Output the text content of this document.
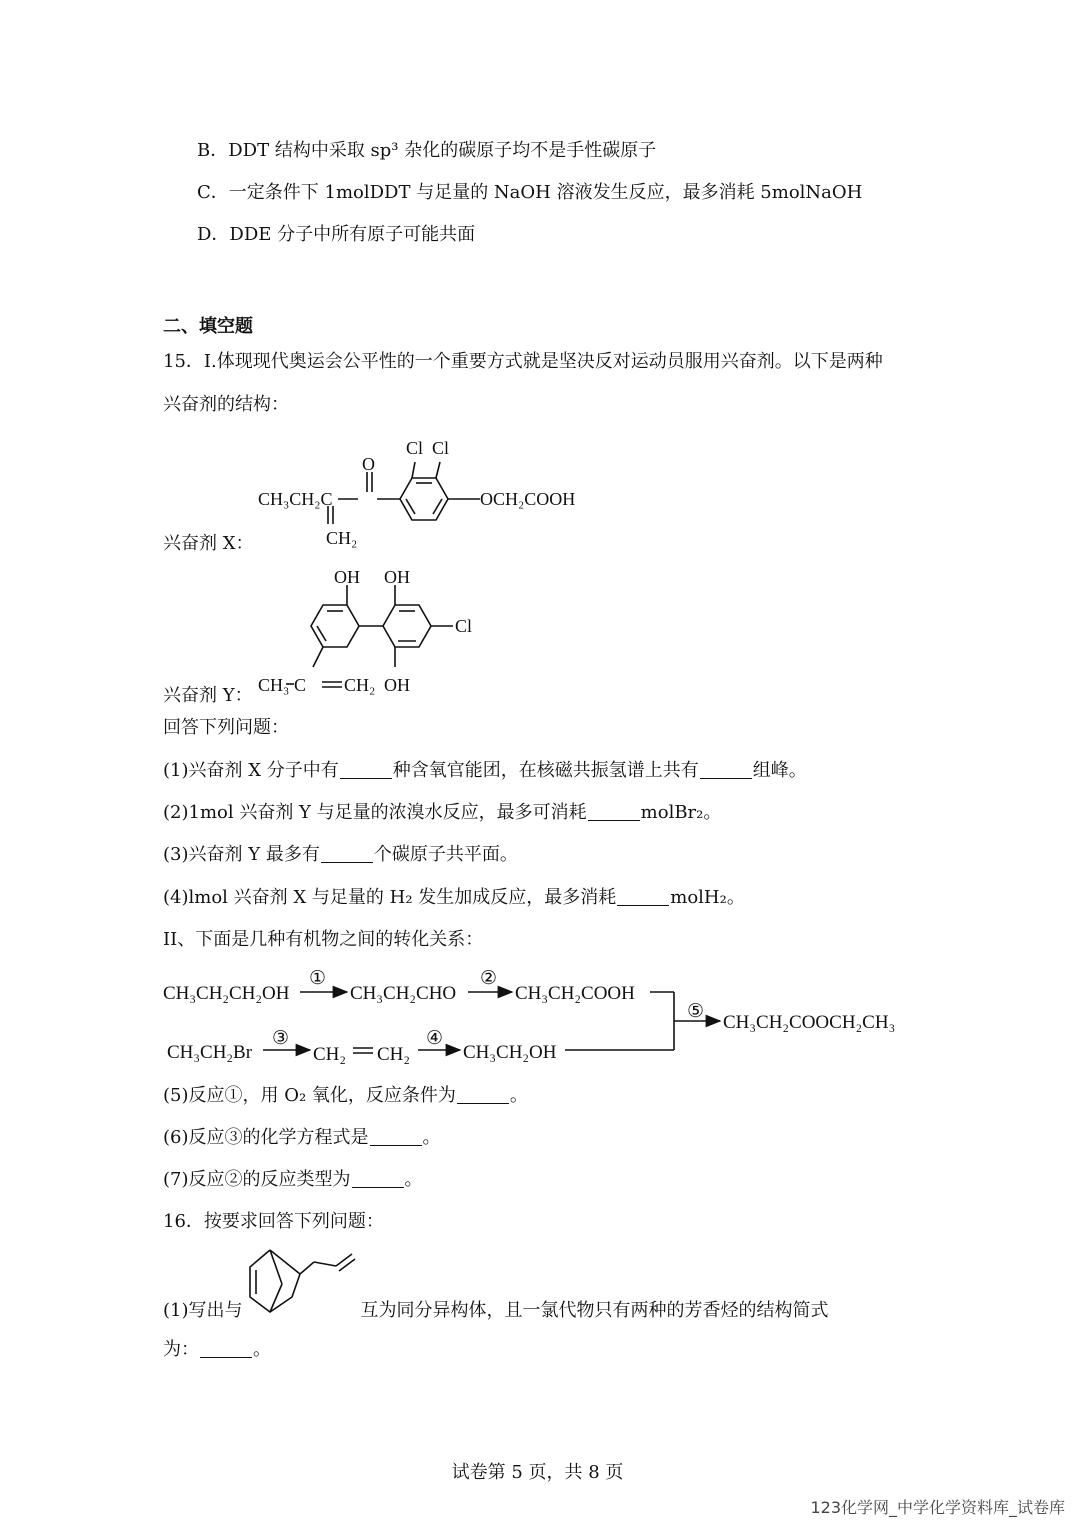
B．DDT 结构中采取 sp³ 杂化的碳原子均不是手性碳原子
C．一定条件下 1molDDT 与足量的 NaOH 溶液发生反应，最多消耗 5molNaOH
D．DDE 分子中所有原子可能共面
二、填空题
15．I.体现现代奥运会公平性的一个重要方式就是坚决反对运动员服用兴奋剂。以下是两种
兴奋剂的结构：
CH₃CH₂C
O
Cl Cl
OCH₂COOH
CH₂
兴奋剂 X：
OH OH
Cl
OH
CH₃ C CH₂
兴奋剂 Y：
回答下列问题：
(1)兴奋剂 X 分子中有	种含氧官能团，在核磁共振氢谱上共有	组峰。
(2)1mol 兴奋剂 Y 与足量的浓溴水反应，最多可消耗	molBr₂。
(3)兴奋剂 Y 最多有	个碳原子共平面。
(4)lmol 兴奋剂 X 与足量的 H₂ 发生加成反应，最多消耗	molH₂。
II、下面是几种有机物之间的转化关系：
CH₃CH₂CH₂OH	CH₃CH₂CHO	CH₃CH₂COOH
CH₃CH₂Br	CH₂ CH₂	CH₃CH₂OH
CH₃CH₂COOCH₂CH₃
①	②
③	④
⑤
(5)反应①，用 O₂ 氧化，反应条件为	。
(6)反应③的化学方程式是	。
(7)反应②的反应类型为	。
16．按要求回答下列问题：
(1)写出与	互为同分异构体，且一氯代物只有两种的芳香烃的结构简式
为：	。
试卷第 5 页，共 8 页
123化学网_中学化学资料库_试卷库
